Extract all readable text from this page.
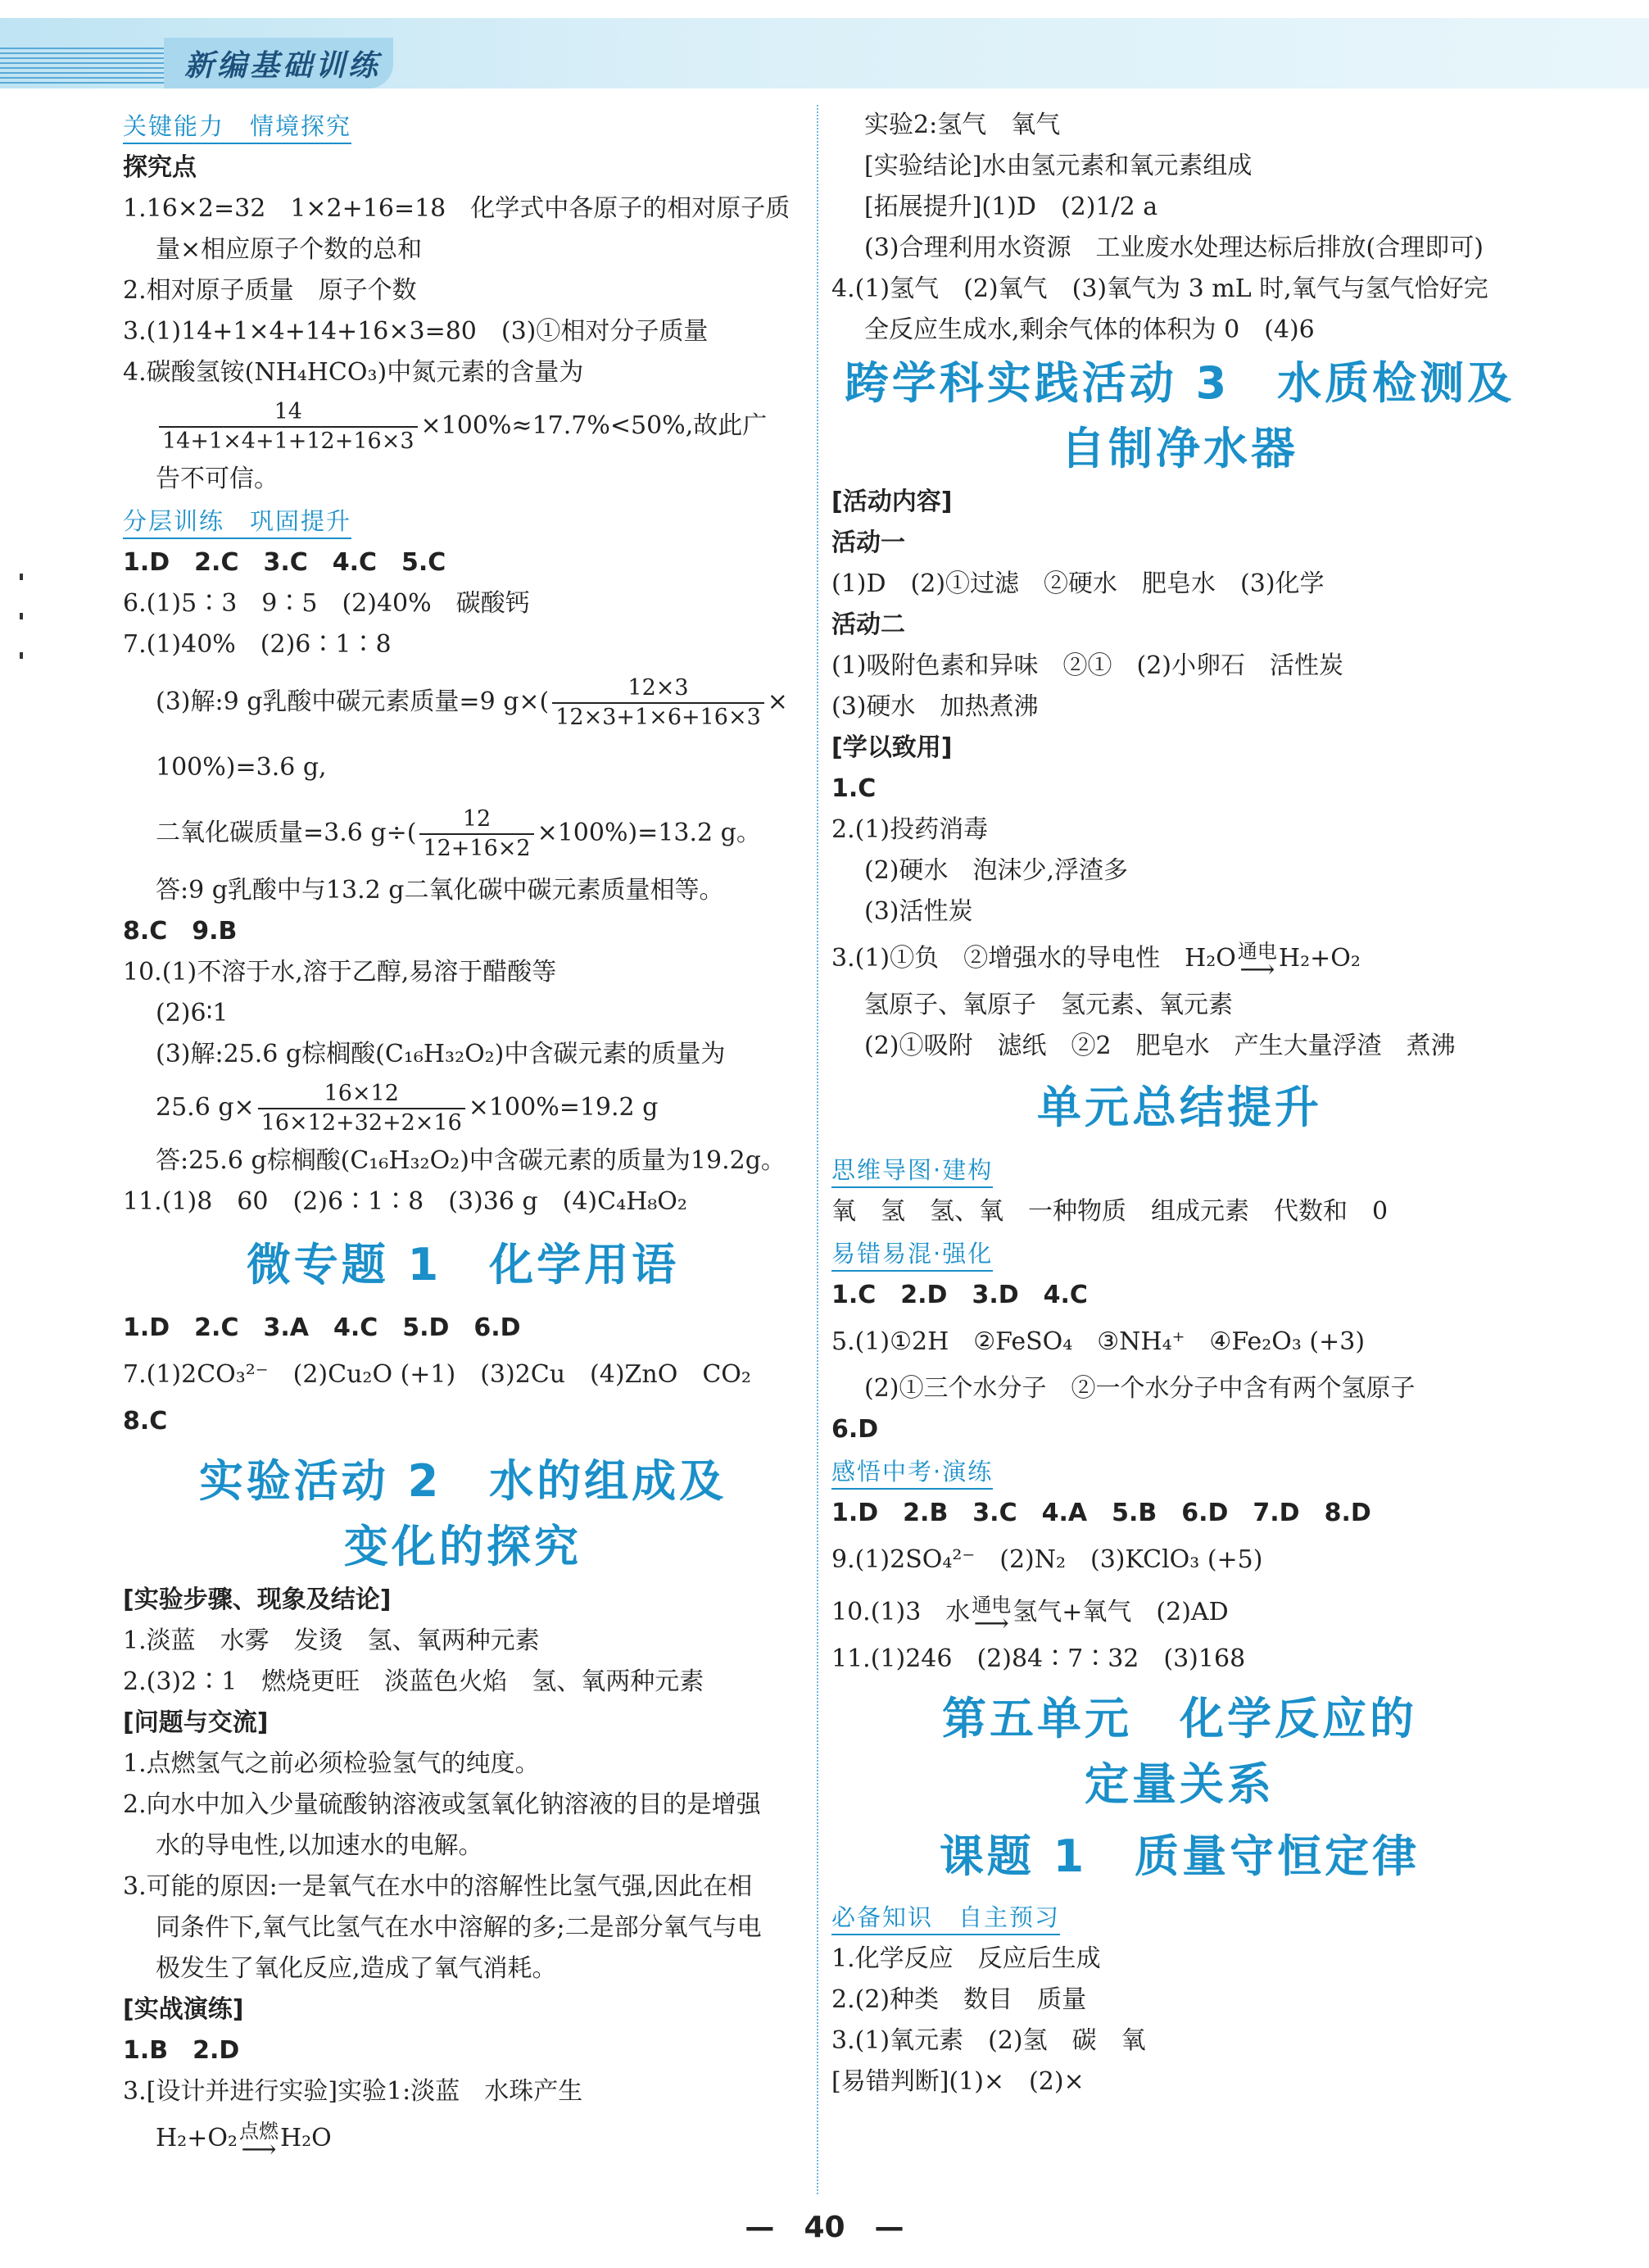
新编基础训练
关键能力　情境探究
探究点
1.16×2=32　1×2+16=18　化学式中各原子的相对原子质
量×相应原子个数的总和
2.相对原子质量　原子个数
3.(1)14+1×4+14+16×3=80　(3)①相对分子质量
4.碳酸氢铵(NH₄HCO₃)中氮元素的含量为
$\frac{14}{14+1\times 4+1+12+16\times 3} \times 100\%\approx 17.7\%<50\%$,故此广
告不可信。
分层训练　巩固提升
1.D　2.C　3.C　4.C　5.C
6.(1)5∶3　9∶5　(2)40%　碳酸钙
7.(1)40%　(2)6∶1∶8
(3)解:9 g乳酸中碳元素质量=9 $g\times( \frac{12\times 3}{12\times 3+1\times 6+16\times 3}$ ×
100%)=3.6 g,
二氧化碳质量=3.6 $g\div( \frac{12}{12+16\times 2} \times 100\%)=13.2$ g。
答:9 g乳酸中与13.2 g二氧化碳中碳元素质量相等。
8.C　9.B
10.(1)不溶于水,溶于乙醇,易溶于醋酸等
(2)6∶1
(3)解:25.6 g棕榈酸(C₁₆H₃₂O₂)中含碳元素的质量为
25.6 $g\times \frac{16\times 12}{16\times 12+32+2\times 16} \times 100\%=19.2$ g
答:25.6 g棕榈酸(C₁₆H₃₂O₂)中含碳元素的质量为19.2g。
11.(1)8　60　(2)6∶1∶8　(3)36 g　(4)C₄H₈O₂
微专题 1　化学用语
1.D　2.C　3.A　4.C　5.D　6.D
7.(1)2CO₃²⁻　(2)Cu₂O (+1)　(3)2Cu　(4)ZnO　CO₂
8.C
实验活动 2　水的组成及
变化的探究
[实验步骤、现象及结论]
1.淡蓝　水雾　发烫　氢、氧两种元素
2.(3)2∶1　燃烧更旺　淡蓝色火焰　氢、氧两种元素
[问题与交流]
1.点燃氢气之前必须检验氢气的纯度。
2.向水中加入少量硫酸钠溶液或氢氧化钠溶液的目的是增强
水的导电性,以加速水的电解。
3.可能的原因:一是氧气在水中的溶解性比氢气强,因此在相
同条件下,氧气比氢气在水中溶解的多;二是部分氧气与电
极发生了氧化反应,造成了氧气消耗。
[实战演练]
1.B　2.D
3.[设计并进行实验]实验1:淡蓝　水珠产生
H₂+O₂ 点燃
⟶ H₂O
实验2:氢气　氧气
[实验结论]水由氢元素和氧元素组成
[拓展提升](1)D　(2)1/2 a
(3)合理利用水资源　工业废水处理达标后排放(合理即可)
4.(1)氢气　(2)氧气　(3)氧气为 3 mL 时,氧气与氢气恰好完
全反应生成水,剩余气体的体积为 0　(4)6
跨学科实践活动 3　水质检测及
自制净水器
[活动内容]
活动一
(1)D　(2)①过滤　②硬水　肥皂水　(3)化学
活动二
(1)吸附色素和异味　②①　(2)小卵石　活性炭
(3)硬水　加热煮沸
[学以致用]
1.C
2.(1)投药消毒
(2)硬水　泡沫少,浮渣多
(3)活性炭
3.(1)①负　②增强水的导电性　H₂O 通电
⟶ H₂+O₂
氢原子、氧原子　氢元素、氧元素
(2)①吸附　滤纸　②2　肥皂水　产生大量浮渣　煮沸
单元总结提升
思维导图·建构
氧　氢　氢、氧　一种物质　组成元素　代数和　0
易错易混·强化
1.C　2.D　3.D　4.C
5.(1)①2H　②FeSO₄　③NH₄⁺　④Fe₂O₃ (+3)
(2)①三个水分子　②一个水分子中含有两个氢原子
6.D
感悟中考·演练
1.D　2.B　3.C　4.A　5.B　6.D　7.D　8.D
9.(1)2SO₄²⁻　(2)N₂　(3)KClO₃ (+5)
10.(1)3　水 通电
⟶ 氢气+氧气　(2)AD
11.(1)246　(2)84∶7∶32　(3)168
第五单元　化学反应的
定量关系
课题 1　质量守恒定律
必备知识　自主预习
1.化学反应　反应后生成
2.(2)种类　数目　质量
3.(1)氧元素　(2)氢　碳　氧
[易错判断](1)×　(2)×
—　40　—
